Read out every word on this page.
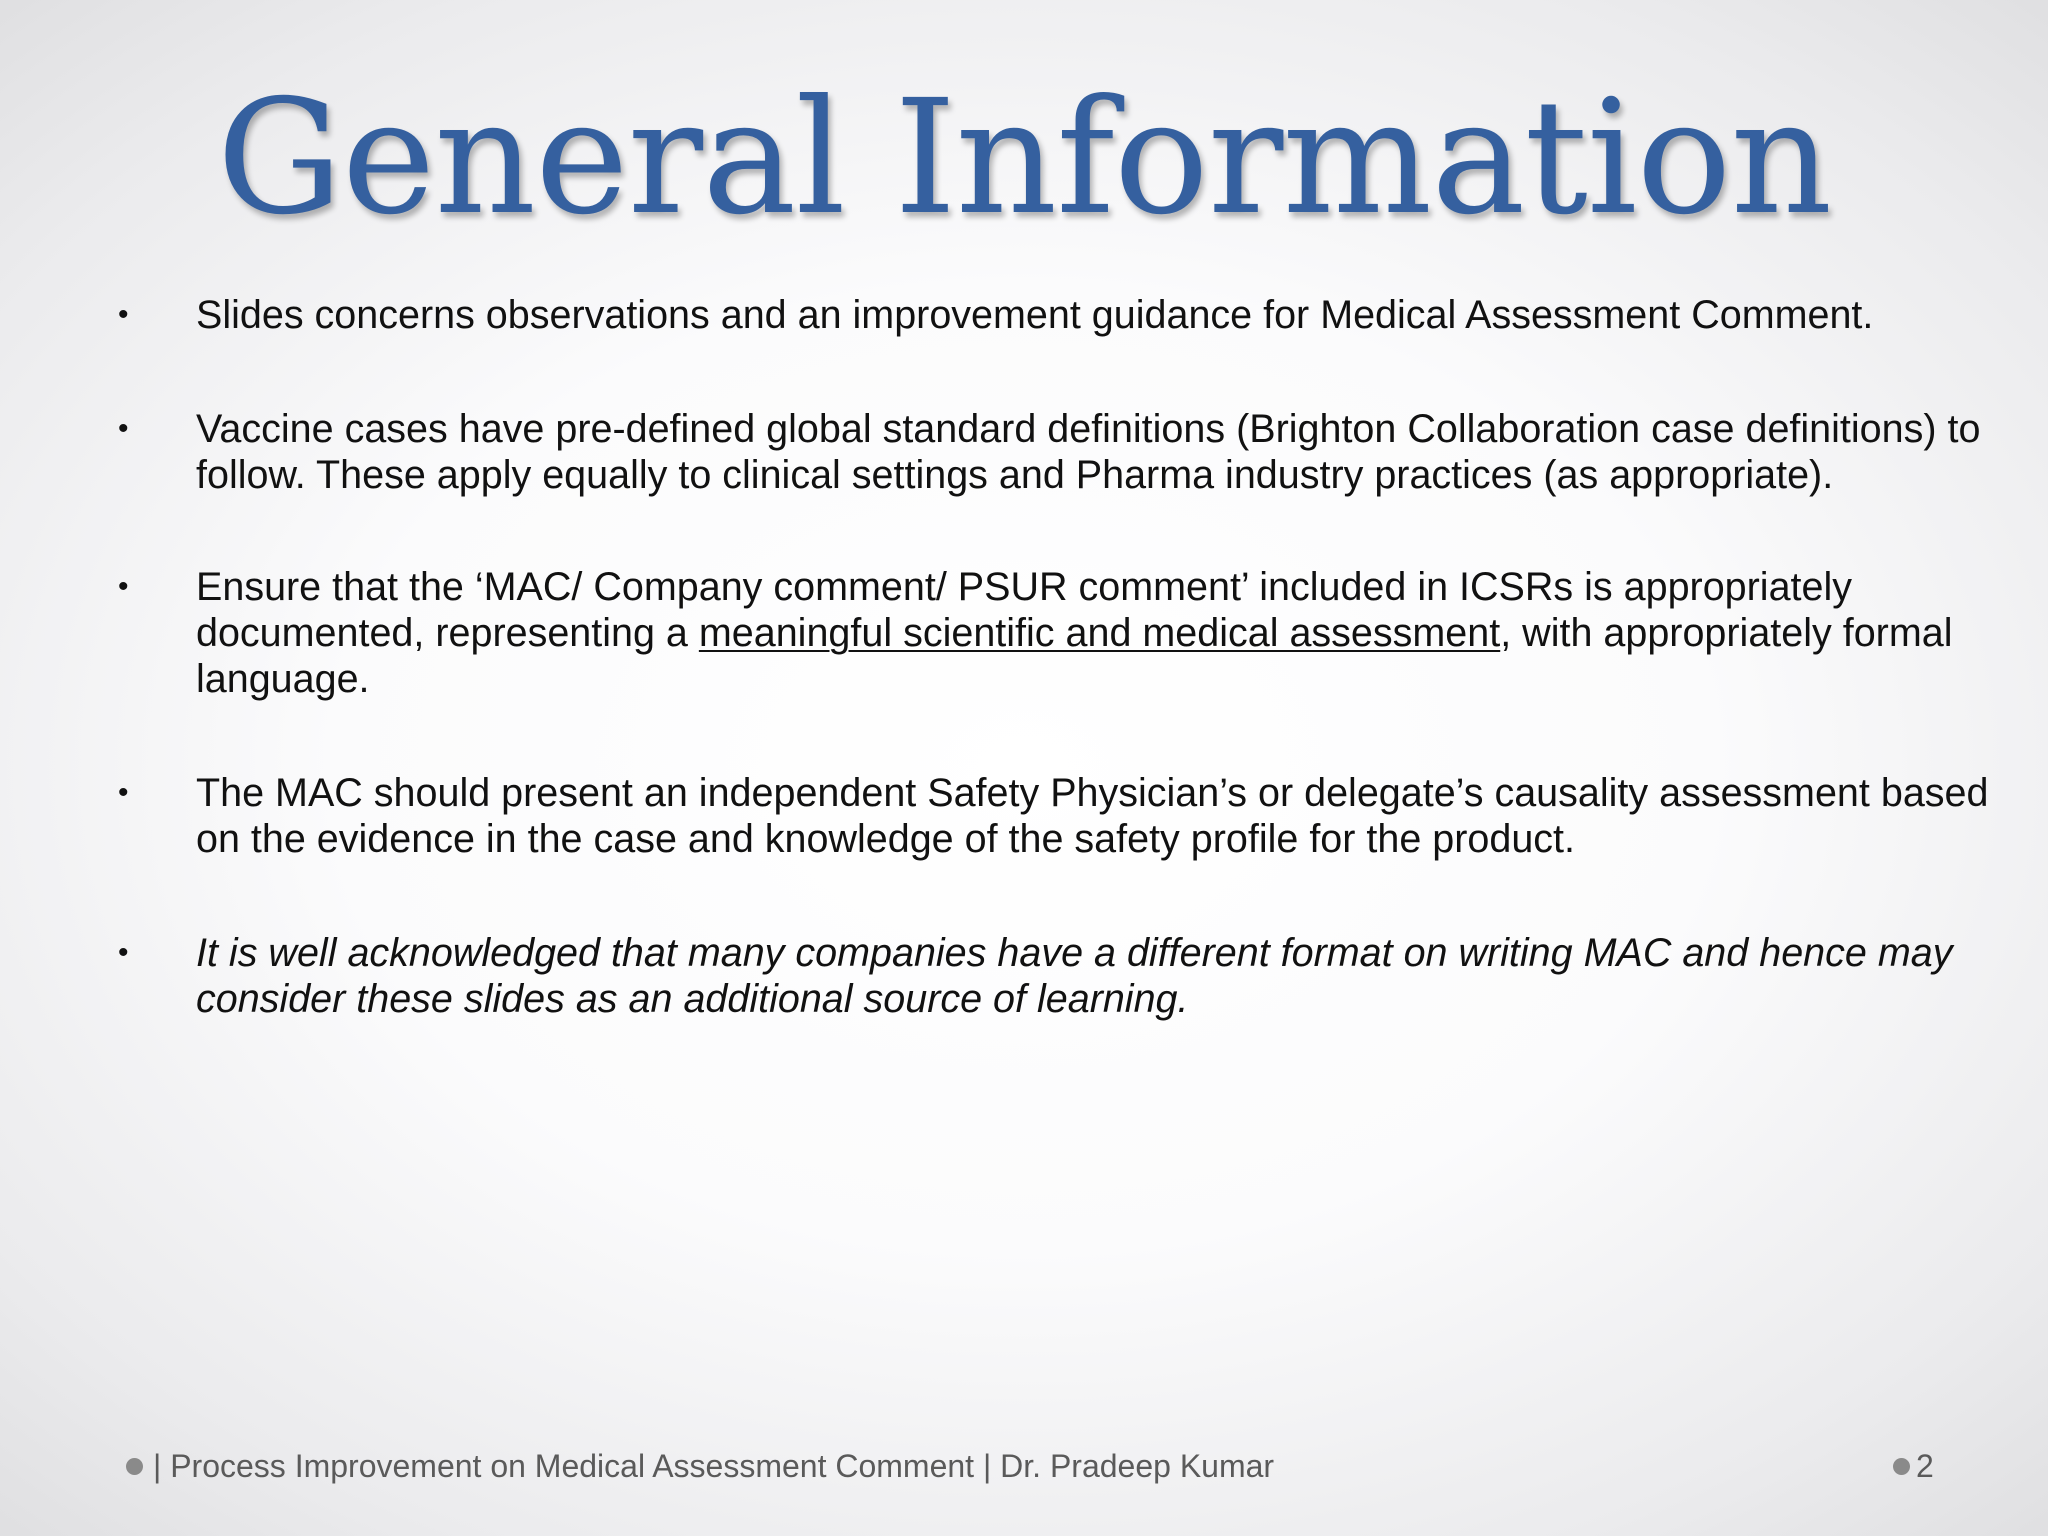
General Information
• Slides concerns observations and an improvement guidance for Medical Assessment Comment.
• Vaccine cases have pre-defined global standard definitions (Brighton Collaboration case definitions) to follow. These apply equally to clinical settings and Pharma industry practices (as appropriate).
• Ensure that the ‘MAC/ Company comment/ PSUR comment’ included in ICSRs is appropriately documented, representing a meaningful scientific and medical assessment, with appropriately formal language.
• The MAC should present an independent Safety Physician’s or delegate’s causality assessment based on the evidence in the case and knowledge of the safety profile for the product.
• It is well acknowledged that many companies have a different format on writing MAC and hence may consider these slides as an additional source of learning.
| Process Improvement on Medical Assessment Comment | Dr. Pradeep Kumar	2
